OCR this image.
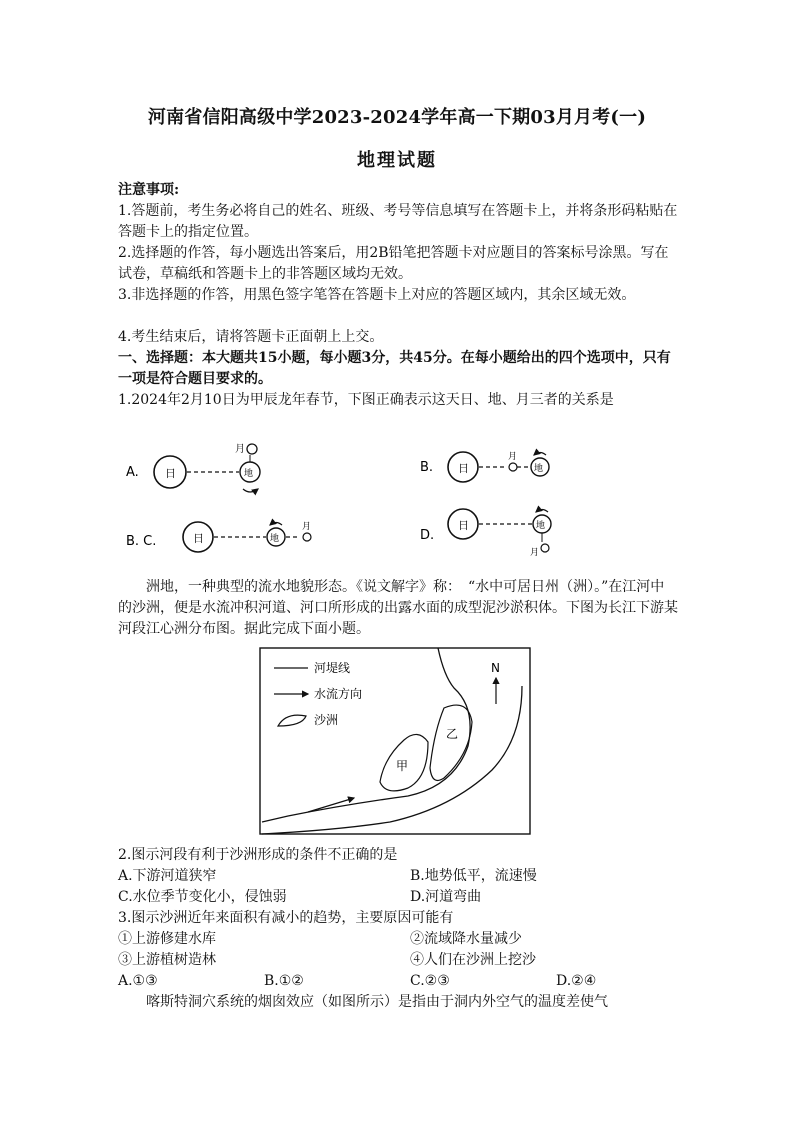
河南省信阳高级中学2023-2024学年高一下期03月月考(一)
地理试题
注意事项:
1.答题前，考生务必将自己的姓名、班级、考号等信息填写在答题卡上，并将条形码粘贴在答题卡上的指定位置。
2.选择题的作答，每小题选出答案后，用2B铅笔把答题卡对应题目的答案标号涂黑。写在试卷，草稿纸和答题卡上的非答题区域均无效。
3.非选择题的作答，用黑色签字笔答在答题卡上对应的答题区域内，其余区域无效。
4.考生结束后，请将答题卡正面朝上上交。
一、选择题：本大题共15小题，每小题3分，共45分。在每小题给出的四个选项中，只有一项是符合题目要求的。
1.2024年2月10日为甲辰龙年春节，下图正确表示这天日、地、月三者的关系是
A. 日	地
月
B. 日
月
地
B. C.	日	地
月
D.
日	地
月
洲地，一种典型的流水地貌形态。《说文解字》称：　“水中可居日州（洲）。”在江河中的沙洲，便是水流冲积河道、河口所形成的出露水面的成型泥沙淤积体。下图为长江下游某河段江心洲分布图。据此完成下面小题。
河堤线
水流方向
沙洲
N
甲
乙
2.图示河段有利于沙洲形成的条件不正确的是
A.下游河道狭窄	B.地势低平，流速慢
C.水位季节变化小，侵蚀弱	D.河道弯曲
3.图示沙洲近年来面积有减小的趋势，主要原因可能有
①上游修建水库	②流域降水量减少
③上游植树造林	④人们在沙洲上挖沙
A.①③	B.①②	C.②③	D.②④
喀斯特洞穴系统的烟囱效应（如图所示）是指由于洞内外空气的温度差使气
